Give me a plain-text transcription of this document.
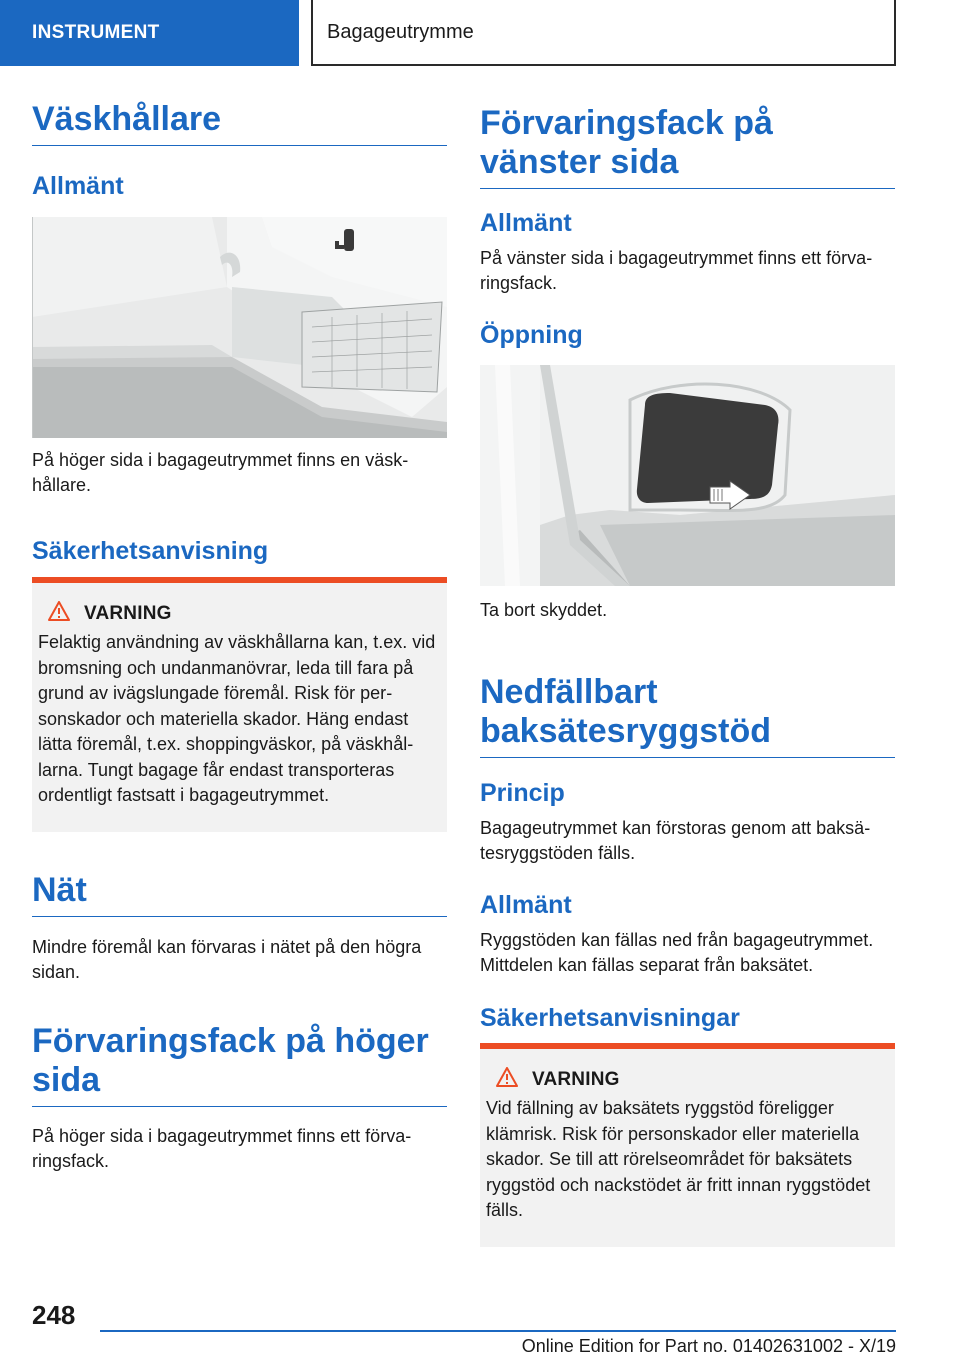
INSTRUMENT	Bagageutrymme
Väskhållare
Allmänt
På höger sida i bagageutrymmet finns en väskhållare.
Säkerhetsanvisning
VARNING
Felaktig användning av väskhållarna kan, t.ex. vid bromsning och undanmanövrar, leda till fara på grund av ivägslungade föremål. Risk för personskador och materiella skador. Häng endast lätta föremål, t.ex. shoppingväskor, på väskhållarna. Tungt bagage får endast transporteras ordentligt fastsatt i bagageutrymmet.
Nät
Mindre föremål kan förvaras i nätet på den högra sidan.
Förvaringsfack på höger sida
På höger sida i bagageutrymmet finns ett förvaringsfack.
Förvaringsfack på vänster sida
Allmänt
På vänster sida i bagageutrymmet finns ett förvaringsfack.
Öppning
Ta bort skyddet.
Nedfällbart baksätesryggstöd
Princip
Bagageutrymmet kan förstoras genom att baksätesryggstöden fälls.
Allmänt
Ryggstöden kan fällas ned från bagageutrymmet. Mittdelen kan fällas separat från baksätet.
Säkerhetsanvisningar
VARNING
Vid fällning av baksätets ryggstöd föreligger klämrisk. Risk för personskador eller materiella skador. Se till att rörelseområdet för baksätets ryggstöd och nackstödet är fritt innan ryggstödet fälls.
248
Online Edition for Part no. 01402631002 - X/19
